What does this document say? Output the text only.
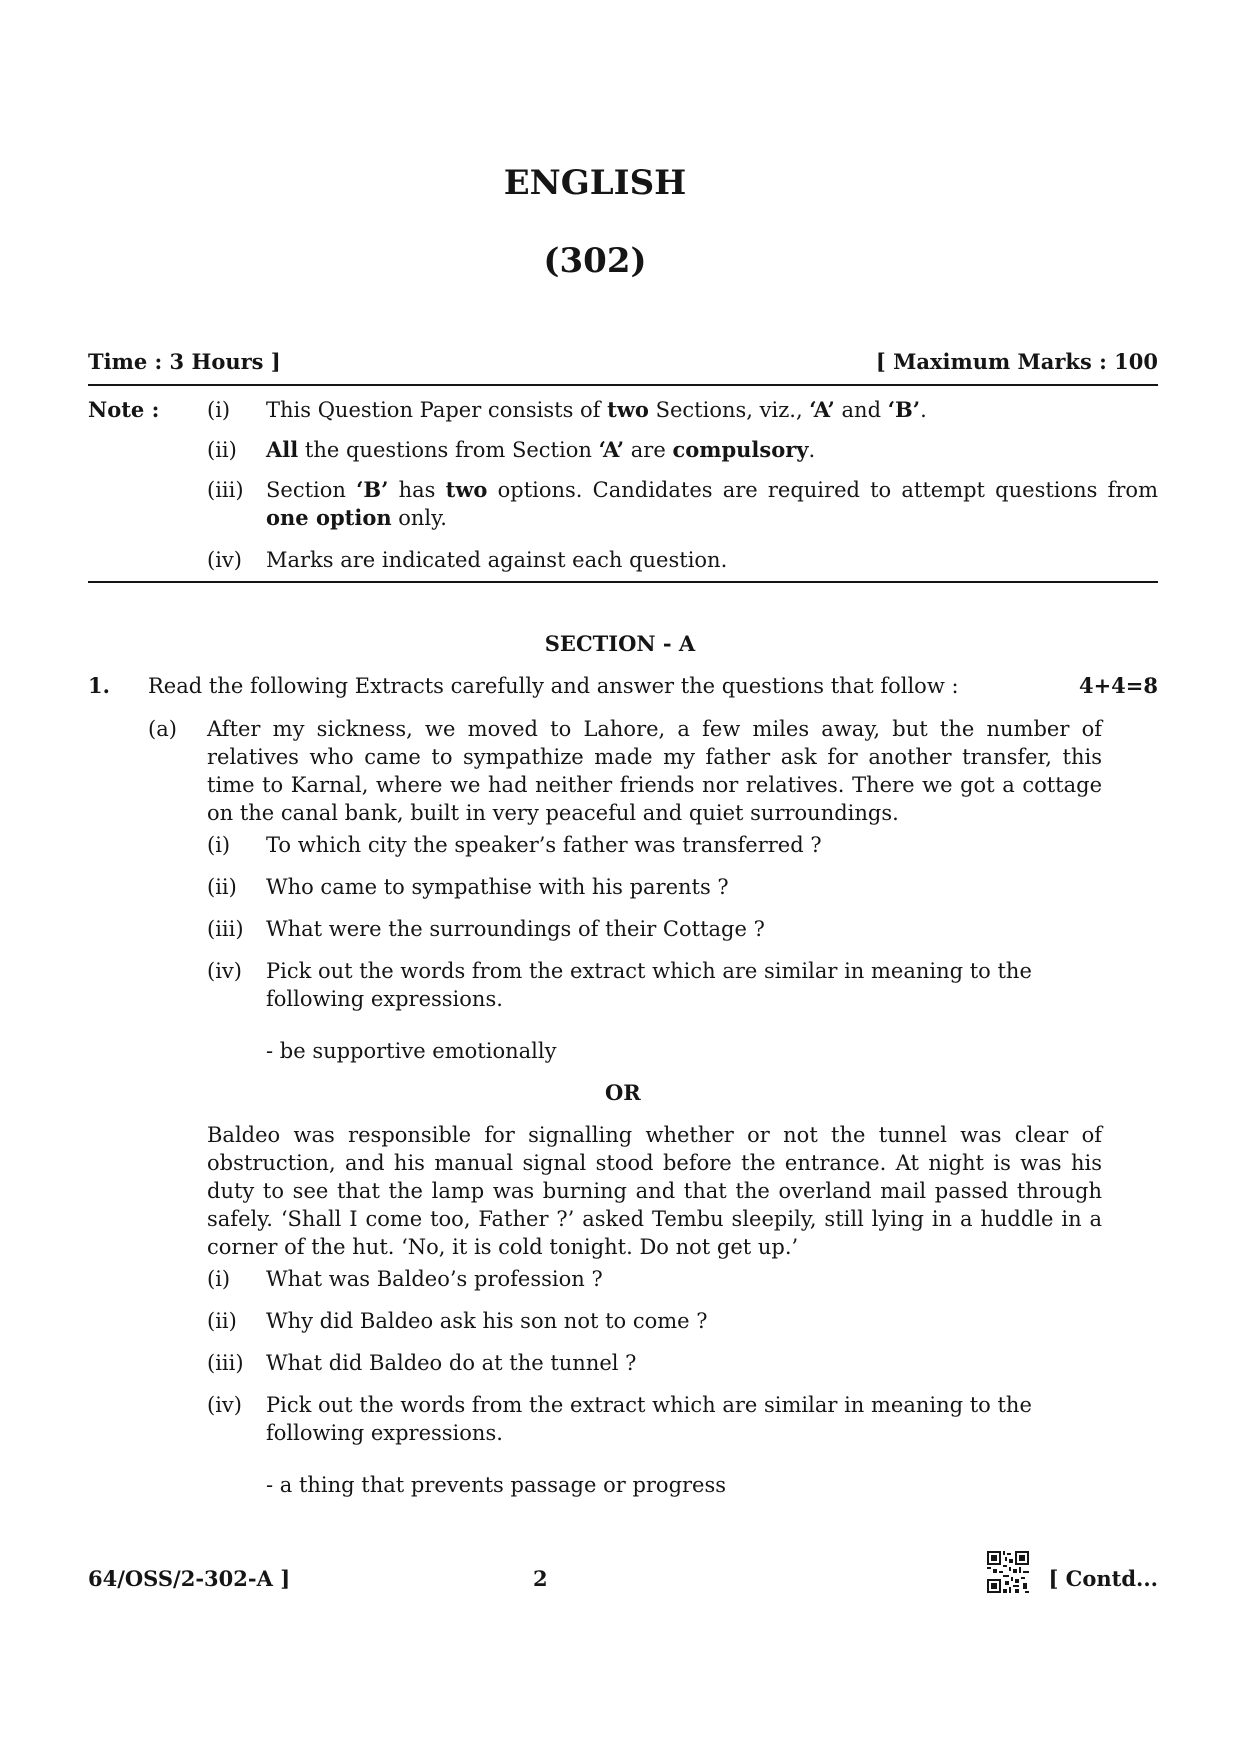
ENGLISH
(302)
Time : 3 Hours ]	[ Maximum Marks : 100
Note : (i) This Question Paper consists of two Sections, viz., ‘A’ and ‘B’.
(ii) All the questions from Section ‘A’ are compulsory.
(iii) Section ‘B’ has two options. Candidates are required to attempt questions from one option only.
(iv) Marks are indicated against each question.
SECTION - A
1. Read the following Extracts carefully and answer the questions that follow :	4+4=8
(a) After my sickness, we moved to Lahore, a few miles away, but the number of relatives who came to sympathize made my father ask for another transfer, this time to Karnal, where we had neither friends nor relatives. There we got a cottage on the canal bank, built in very peaceful and quiet surroundings.
(i) To which city the speaker’s father was transferred ?
(ii) Who came to sympathise with his parents ?
(iii) What were the surroundings of their Cottage ?
(iv) Pick out the words from the extract which are similar in meaning to the following expressions.
- be supportive emotionally
OR
Baldeo was responsible for signalling whether or not the tunnel was clear of obstruction, and his manual signal stood before the entrance. At night is was his duty to see that the lamp was burning and that the overland mail passed through safely. ‘Shall I come too, Father ?’ asked Tembu sleepily, still lying in a huddle in a corner of the hut. ‘No, it is cold tonight. Do not get up.’
(i) What was Baldeo’s profession ?
(ii) Why did Baldeo ask his son not to come ?
(iii) What did Baldeo do at the tunnel ?
(iv) Pick out the words from the extract which are similar in meaning to the following expressions.
- a thing that prevents passage or progress
64/OSS/2-302-A ]	2	[ Contd...
